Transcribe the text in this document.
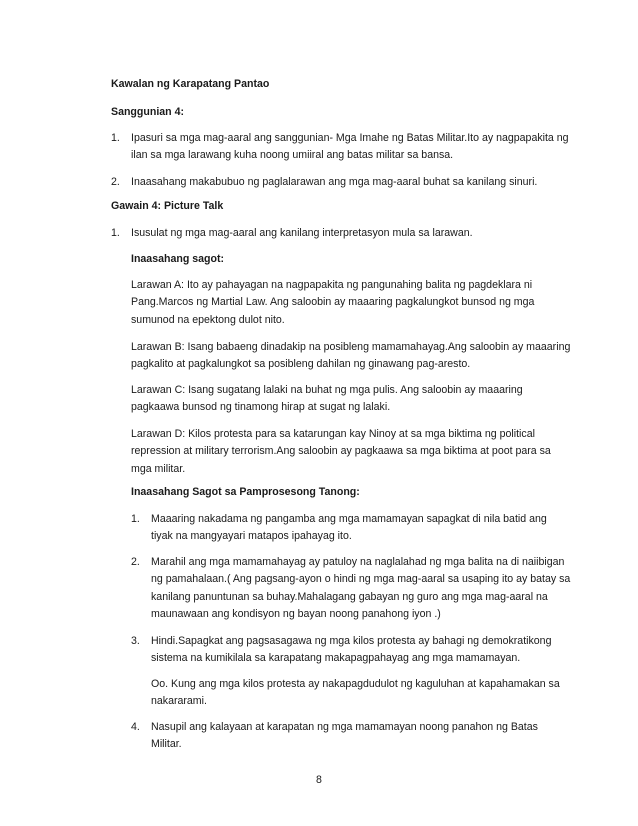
Kawalan ng Karapatang Pantao

Sanggunian 4:

1.	Ipasuri sa mga mag-aaral ang sanggunian- Mga Imahe ng Batas Militar.Ito ay nagpapakita ng ilan sa mga larawang kuha noong umiiral ang batas militar sa bansa.

2.	Inaasahang makabubuo ng paglalarawan ang mga mag-aaral buhat sa kanilang sinuri.

Gawain 4: Picture Talk

1.	Isusulat ng mga mag-aaral ang kanilang interpretasyon mula sa larawan.

Inaasahang sagot:

Larawan A: Ito ay pahayagan na nagpapakita ng pangunahing balita ng pagdeklara ni Pang.Marcos ng Martial Law. Ang saloobin ay maaaring pagkalungkot bunsod ng mga sumunod na epektong dulot nito.

Larawan B: Isang babaeng dinadakip na posibleng mamamahayag.Ang saloobin ay maaaring pagkalito at pagkalungkot sa posibleng dahilan ng ginawang pag-aresto.

Larawan C: Isang sugatang lalaki na buhat ng mga pulis. Ang saloobin ay maaaring pagkaawa bunsod ng tinamong hirap at sugat ng lalaki.

Larawan D: Kilos protesta para sa katarungan kay Ninoy at sa mga biktima ng political repression at military terrorism.Ang saloobin ay pagkaawa sa mga biktima at poot para sa mga militar.

Inaasahang Sagot sa Pamprosesong Tanong:

1.	Maaaring nakadama ng pangamba ang mga mamamayan sapagkat di nila batid ang tiyak na mangyayari matapos ipahayag ito.

2.	Marahil ang mga mamamahayag ay patuloy na naglalahad ng mga balita na di naiibigan ng pamahalaan.( Ang pagsang-ayon o hindi ng mga mag-aaral sa usaping ito ay batay sa kanilang panuntunan sa buhay.Mahalagang gabayan ng guro ang mga mag-aaral na maunawaan ang kondisyon ng bayan noong panahong iyon .)

3.	Hindi.Sapagkat ang pagsasagawa ng mga kilos protesta ay bahagi ng demokratikong sistema na kumikilala sa karapatang makapagpahayag ang mga mamamayan.

Oo. Kung ang mga kilos protesta ay nakapagdudulot ng kaguluhan at kapahamakan sa nakararami.

4.	Nasupil ang kalayaan at karapatan ng mga mamamayan noong panahon ng Batas Militar.

8
